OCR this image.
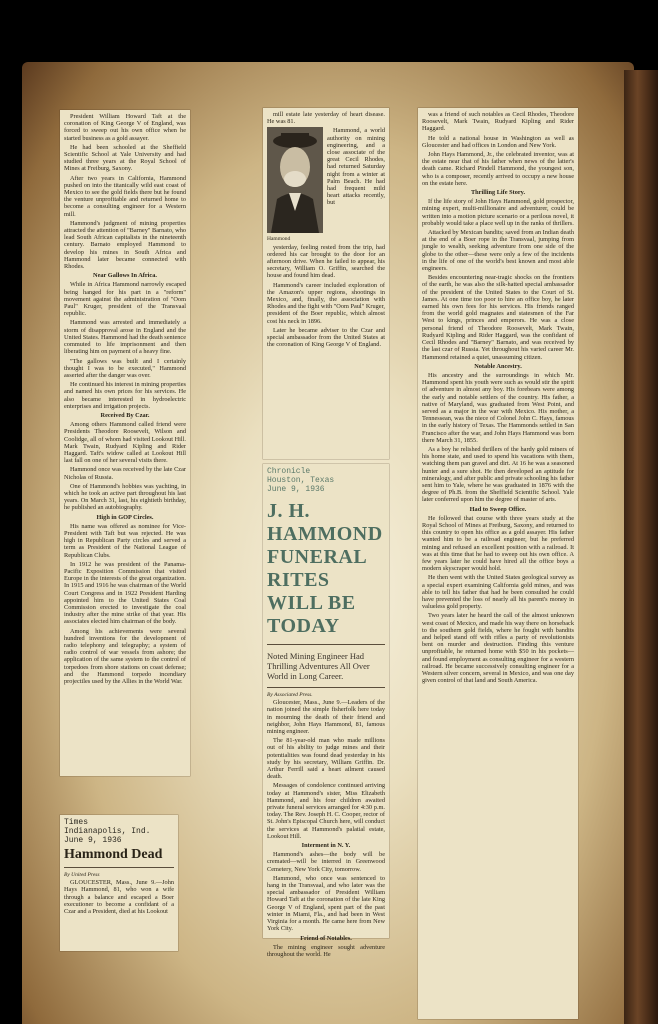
President William Howard Taft at the coronation of King George V of England, was forced to sweep out his own office when he started business as a gold assayer.

He had been schooled at the Sheffield Scientific School at Yale University and had studied three years at the Royal School of Mines at Freiburg, Saxony.

After two years in California, Hammond pushed on into the titanically wild east coast of Mexico to see the gold fields there but he found the venture unprofitable and returned home to become a consulting engineer for a Western mill.

Hammond's judgment of mining properties attracted the attention of "Barney" Barnato, who lead South African capitalists in the nineteenth century. Barnato employed Hammond to develop his mines in South Africa and Hammond later became connected with Rhodes.

Near Gallows In Africa.

While in Africa Hammond narrowly escaped being hanged for his part in a "reform" movement against the administration of "Oom Paul" Kruger, president of the Transvaal republic.

Hammond was arrested and immediately a storm of disapproval arose in England and the United States. Hammond had the death sentence commuted to life imprisonment and then liberating him on payment of a heavy fine.

"The gallows was built and I certainly thought I was to be executed," Hammond asserted after the danger was over.

He continued his interest in mining properties and named his own prices for his services. He also became interested in hydroelectric enterprises and irrigation projects.

Received By Czar.

Among others Hammond called friend were Presidents Theodore Roosevelt, Wilson and Coolidge, all of whom had visited Lookout Hill. Mark Twain, Rudyard Kipling and Rider Haggard. Taft's widow called at Lookout Hill last fall on one of her several visits there.

Hammond once was received by the late Czar Nicholas of Russia.

One of Hammond's hobbies was yachting, in which he took an active part throughout his last years. On March 31, last, his eightieth birthday, he published an autobiography.

High in GOP Circles.

His name was offered as nominee for Vice-President with Taft but was rejected. He was high in Republican Party circles and served a term as President of the National League of Republican Clubs.

In 1912 he was president of the Panama-Pacific Exposition Commission that visited Europe in the interests of the great organization. In 1915 and 1916 he was chairman of the World Court Congress and in 1922 President Harding appointed him to the United States Coal Commission erected to investigate the coal industry after the mine strike of that year. His associates elected him chairman of the body.

Among his achievements were several hundred inventions for the development of radio telephony and telegraphy; a system of radio control of war vessels from ashore; the application of the same system to the control of torpedoes from shore stations on coast defense; and the Hammond torpedo incendiary projectiles used by the Allies in the World War.

Times
Indianapolis, Ind.
June 9, 1936
Hammond Dead
By United Press

GLOUCESTER, Mass., June 9.—John Hays Hammond, 81, who won a wife through a balance and escaped a Boer executioner to become a confidant of a Czar and a President, died at his Lookout

mill estate late yesterday of heart disease. He was 81.

Hammond, a world authority on mining engineering, and a close associate of the great Cecil Rhodes, had returned Saturday night from a winter at Palm Beach. He had had frequent mild heart attacks recently, but

Hammond

yesterday, feeling rested from the trip, had ordered his car brought to the door for an afternoon drive. When he failed to appear, his secretary, William O. Griffin, searched the house and found him dead.

Hammond's career included exploration of the Amazon's upper regions, shootings in Mexico, and, finally, the association with Rhodes and the fight with "Oom Paul" Kruger, president of the Boer republic, which almost cost his neck in 1896.

Later he became adviser to the Czar and special ambassador from the United States at the coronation of King George V of England.

Chronicle
Houston, Texas
June 9, 1936
J. H. HAMMOND
FUNERAL RITES
WILL BE TODAY
Noted Mining Engineer Had Thrilling Adventures All Over World in Long Career.
By Associated Press.

Gloucester, Mass., June 9.—Leaders of the nation joined the simple fisherfolk here today in mourning the death of their friend and neighbor, John Hays Hammond, 81, famous mining engineer.

The 81-year-old man who made millions out of his ability to judge mines and their potentialities was found dead yesterday in his study by his secretary, William Griffin. Dr. Arthur Ferrill said a heart ailment caused death.

Messages of condolence continued arriving today at Hammond's sister, Miss Elizabeth Hammond, and his four children awaited private funeral services arranged for 4:30 p.m. today. The Rev. Joseph H. C. Cooper, rector of St. John's Episcopal Church here, will conduct the services at Hammond's palatial estate, Lookout Hill.

Interment in N. Y.

Hammond's ashes—the body will be cremated—will be interred in Greenwood Cemetery, New York City, tomorrow.

Hammond, who once was sentenced to hang in the Transvaal, and who later was the special ambassador of President William Howard Taft at the coronation of the late King George V of England, spent part of the past winter in Miami, Fla., and had been in West Virginia for a month. He came here from New York City.

Friend of Notables.

The mining engineer sought adventure throughout the world. He

was a friend of such notables as Cecil Rhodes, Theodore Roosevelt, Mark Twain, Rudyard Kipling and Rider Haggard.

He told a national house in Washington as well as Gloucester and had offices in London and New York.

John Hays Hammond, Jr., the celebrated inventor, was at the estate near that of his father when news of the latter's death came. Richard Pindell Hammond, the youngest son, who is a composer, recently arrived to occupy a new house on the estate here.

Thrilling Life Story.

If the life story of John Hays Hammond, gold prospector, mining expert, multi-millionaire and adventurer, could be written into a motion picture scenario or a perilous novel, it probably would take a place well up in the ranks of thrillers.

Attacked by Mexican bandits; saved from an Indian death at the end of a Boer rope in the Transvaal, jumping from jungle to wealth, seeking adventure from one side of the globe to the other—these were only a few of the incidents in the life of one of the world's best known and most able engineers.

Besides encountering near-tragic shocks on the frontiers of the earth, he was also the silk-hatted special ambassador of the president of the United States to the Court of St. James. At one time too poor to hire an office boy, he later earned his own fees for his services. His friends ranged from the world gold magnates and statesmen of the Far West to kings, princes and emperors. He was a close personal friend of Theodore Roosevelt, Mark Twain, Rudyard Kipling and Rider Haggard, was the confidant of Cecil Rhodes and "Barney" Barnato, and was received by the last czar of Russia. Yet throughout his varied career Mr. Hammond retained a quiet, unassuming citizen.

Notable Ancestry.

His ancestry and the surroundings in which Mr. Hammond spent his youth were such as would stir the spirit of adventure in almost any boy. His forebears were among the early and notable settlers of the country. His father, a native of Maryland, was graduated from West Point, and served as a major in the war with Mexico. His mother, a Tennessean, was the niece of Colonel John C. Hays, famous in the early history of Texas. The Hammonds settled in San Francisco after the war, and John Hays Hammond was born there March 31, 1855.

As a boy he relished thrillers of the hardy gold miners of his home state, and used to spend his vacations with them, watching them pan gravel and dirt. At 16 he was a seasoned hunter and a sure shot. He then developed an aptitude for mineralogy, and after public and private schooling his father sent him to Yale, where he was graduated in 1876 with the degree of Ph.B. from the Sheffield Scientific School. Yale later conferred upon him the degree of master of arts.

Had to Sweep Office.

He followed that course with three years study at the Royal School of Mines at Freiburg, Saxony, and returned to this country to open his office as a gold assayer. His father wanted him to be a railroad engineer, but he preferred mining and refused an excellent position with a railroad. It was at this time that he had to sweep out his own office. A few years later he could have hired all the office boys a modern skyscraper would hold.

He then went with the United States geological survey as a special expert examining California gold mines, and was able to tell his father that had he been consulted he could have prevented the loss of nearly all his parent's money in valueless gold property.

Two years later he heard the call of the almost unknown west coast of Mexico, and made his way there on horseback to the southern gold fields, where he fought with bandits and helped stand off with rifles a party of revolutionists bent on murder and destruction. Finding this venture unprofitable, he returned home with $50 in his pockets—and found employment as consulting engineer for a western railroad. He became successively consulting engineer for a Western silver concern, several in Mexico, and was one day given control of that land and South America.
